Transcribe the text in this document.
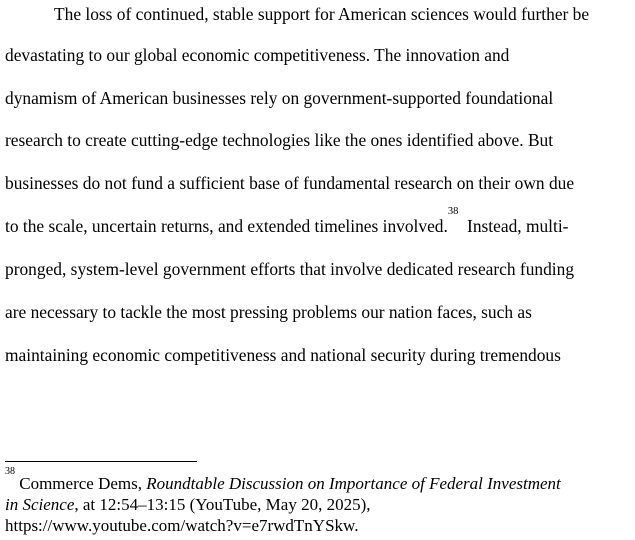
The loss of continued, stable support for American sciences would further be
devastating to our global economic competitiveness. The innovation and
dynamism of American businesses rely on government-supported foundational
research to create cutting-edge technologies like the ones identified above. But
businesses do not fund a sufficient base of fundamental research on their own due
to the scale, uncertain returns, and extended timelines involved.$^{38}$  Instead, multi-
pronged, system-level government efforts that involve dedicated research funding
are necessary to tackle the most pressing problems our nation faces, such as
maintaining economic competitiveness and national security during tremendous
$^{38}$ Commerce Dems, Roundtable Discussion on Importance of Federal Investment
in Science, at 12:54–13:15 (YouTube, May 20, 2025),
https://www.youtube.com/watch?v=e7rwdTnYSkw.
